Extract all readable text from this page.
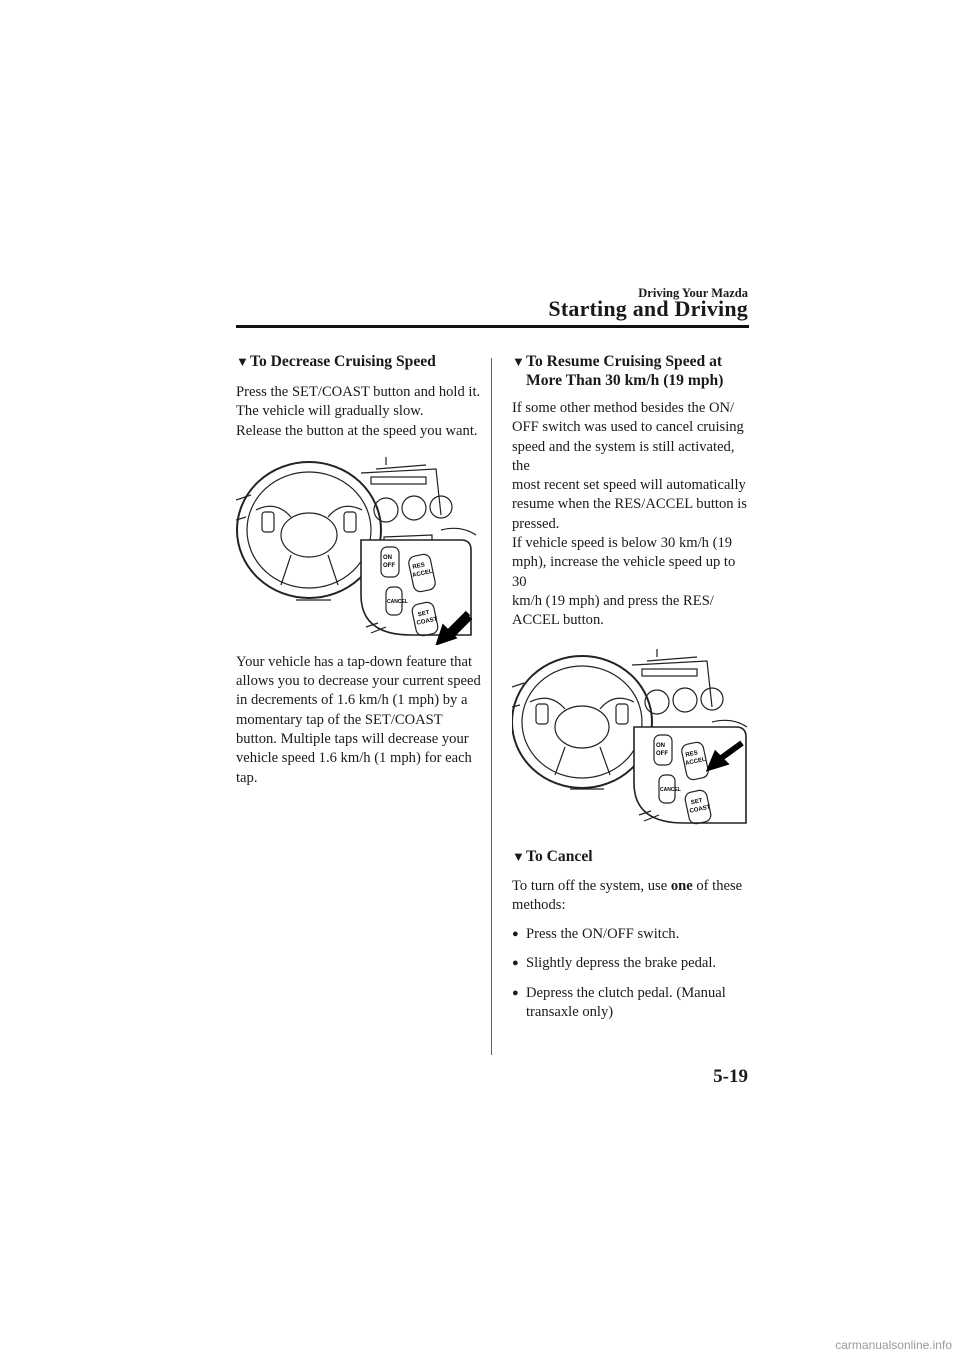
Driving Your Mazda
Starting and Driving
▼ To Decrease Cruising Speed

Press the SET/COAST button and hold it.
The vehicle will gradually slow.
Release the button at the speed you want.

ON
OFF	RES
ACCEL
CANCEL
SET
COAST

Your vehicle has a tap-down feature that
allows you to decrease your current speed
in decrements of 1.6 km/h (1 mph) by a
momentary tap of the SET/COAST
button. Multiple taps will decrease your
vehicle speed 1.6 km/h (1 mph) for each
tap.

▼ To Resume Cruising Speed at
More Than 30 km/h (19 mph)

If some other method besides the ON/
OFF switch was used to cancel cruising
speed and the system is still activated, the
most recent set speed will automatically
resume when the RES/ACCEL button is
pressed.
If vehicle speed is below 30 km/h (19
mph), increase the vehicle speed up to 30
km/h (19 mph) and press the RES/
ACCEL button.

ON
OFF	RES
ACCEL
CANCEL
SET
COAST
▼ To Cancel

To turn off the system, use one of these
methods:

● Press the ON/OFF switch.
● Slightly depress the brake pedal.
● Depress the clutch pedal. (Manual
transaxle only)
5-19
carmanualsonline.info
